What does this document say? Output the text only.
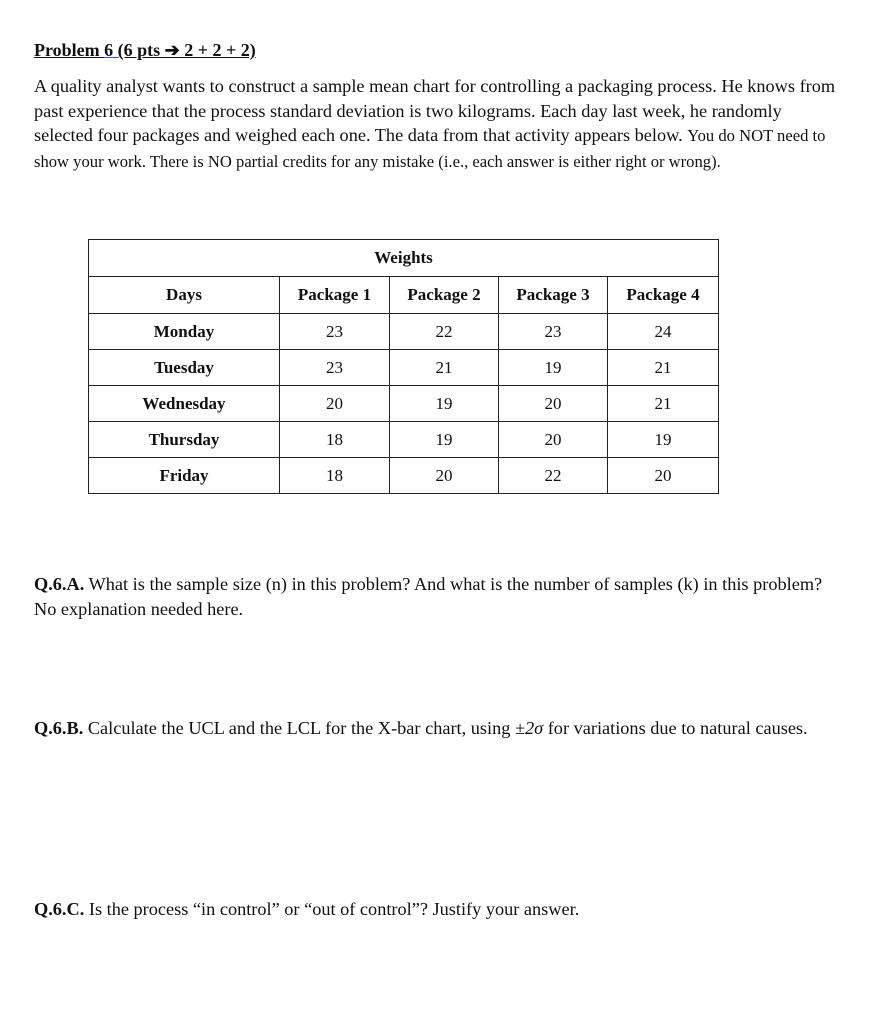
Problem 6 (6 pts ➔ 2 + 2 + 2)
A quality analyst wants to construct a sample mean chart for controlling a packaging process. He knows from past experience that the process standard deviation is two kilograms. Each day last week, he randomly selected four packages and weighed each one. The data from that activity appears below. You do NOT need to show your work. There is NO partial credits for any mistake (i.e., each answer is either right or wrong).
Weights				
Days	Package 1	Package 2	Package 3	Package 4
Monday	23	22	23	24
Tuesday	23	21	19	21
Wednesday	20	19	20	21
Thursday	18	19	20	19
Friday	18	20	22	20
Q.6.A. What is the sample size (n) in this problem? And what is the number of samples (k) in this problem? No explanation needed here.
Q.6.B. Calculate the UCL and the LCL for the X-bar chart, using ±2σ for variations due to natural causes.
Q.6.C. Is the process “in control” or “out of control”? Justify your answer.
